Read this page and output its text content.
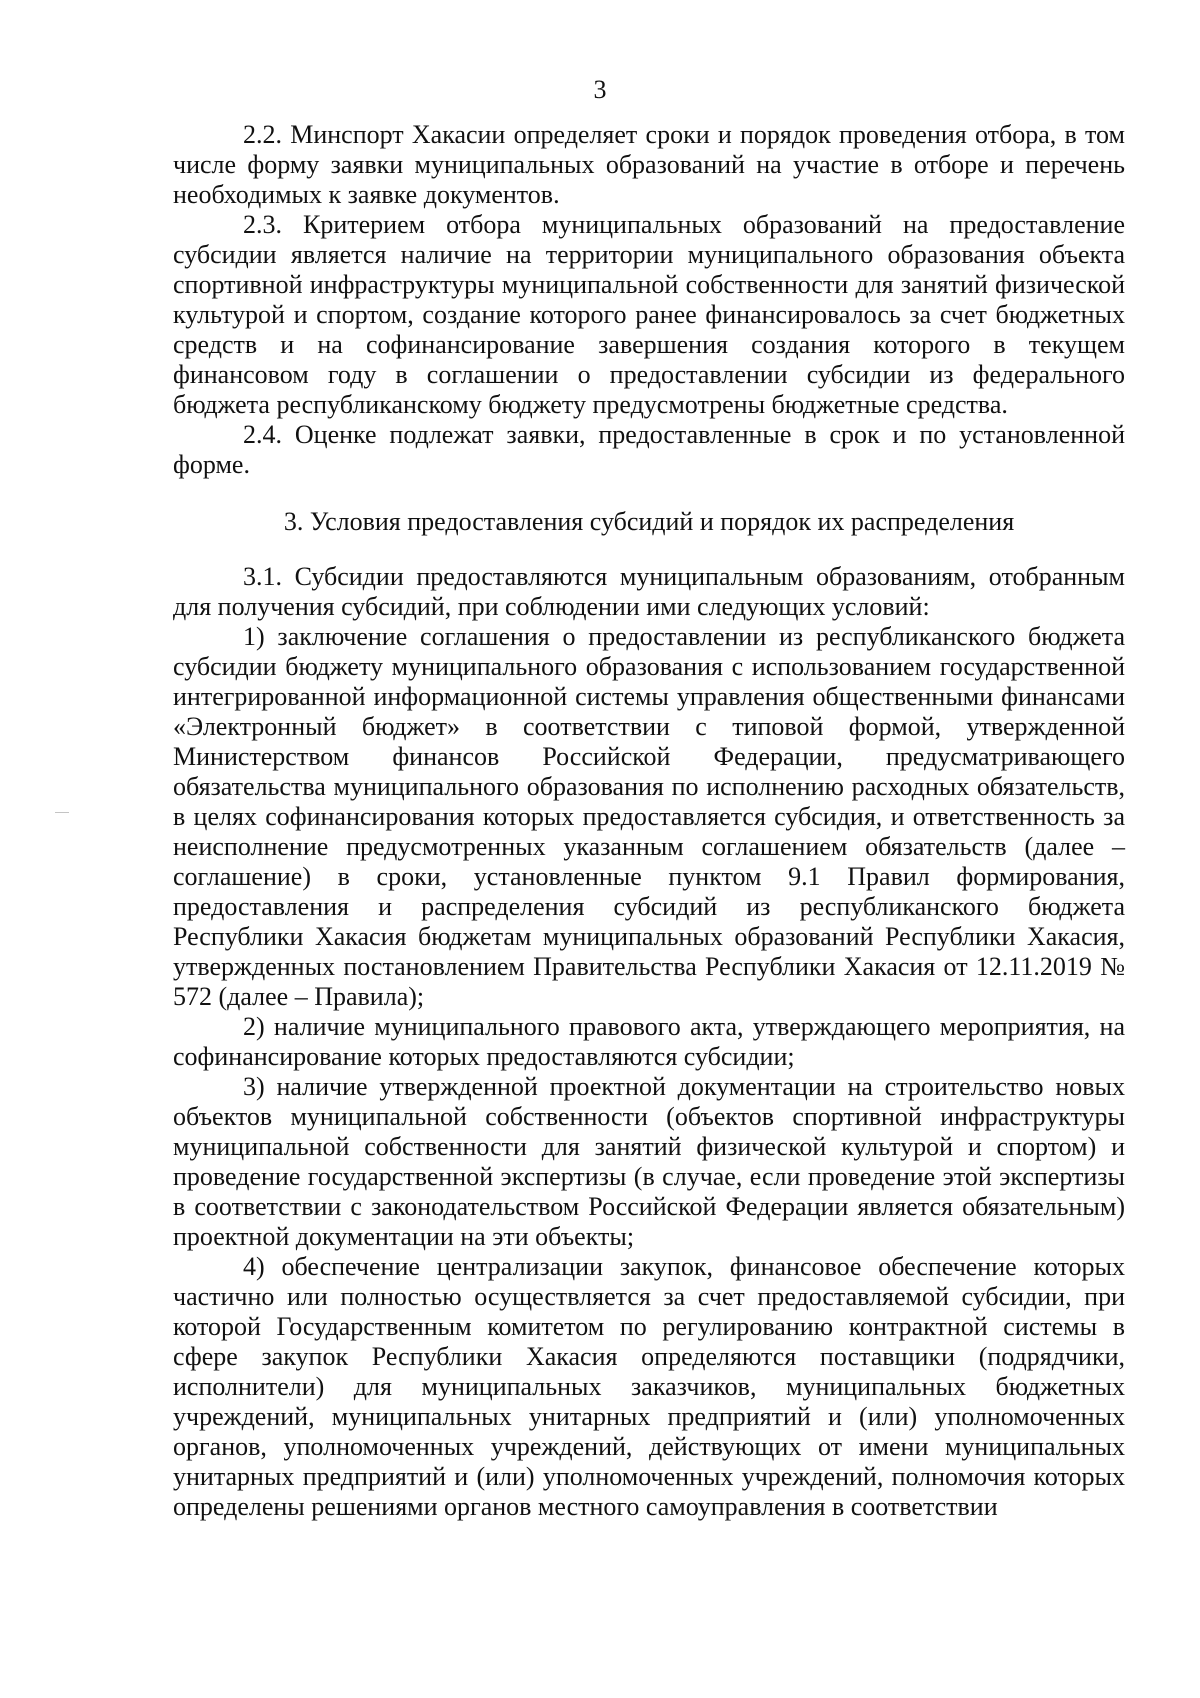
3

2.2. Минспорт Хакасии определяет сроки и порядок проведения отбора, в том числе форму заявки муниципальных образований на участие в отборе и перечень необходимых к заявке документов.

2.3. Критерием отбора муниципальных образований на предоставление субсидии является наличие на территории муниципального образования объекта спортивной инфраструктуры муниципальной собственности для занятий физической культурой и спортом, создание которого ранее финансировалось за счет бюджетных средств и на софинансирование завершения создания которого в текущем финансовом году в соглашении о предоставлении субсидии из федерального бюджета республиканскому бюджету предусмотрены бюджетные средства.

2.4. Оценке подлежат заявки, предоставленные в срок и по установленной форме.

3. Условия предоставления субсидий и порядок их распределения

3.1. Субсидии предоставляются муниципальным образованиям, отобранным для получения субсидий, при соблюдении ими следующих условий:

1) заключение соглашения о предоставлении из республиканского бюджета субсидии бюджету муниципального образования с использованием государственной интегрированной информационной системы управления общественными финансами «Электронный бюджет» в соответствии с типовой формой, утвержденной Министерством финансов Российской Федерации, предусматривающего обязательства муниципального образования по исполнению расходных обязательств, в целях софинансирования которых предоставляется субсидия, и ответственность за неисполнение предусмотренных указанным соглашением обязательств (далее – соглашение) в сроки, установленные пунктом 9.1 Правил формирования, предоставления и распределения субсидий из республиканского бюджета Республики Хакасия бюджетам муниципальных образований Республики Хакасия, утвержденных постановлением Правительства Республики Хакасия от 12.11.2019 № 572 (далее – Правила);

2) наличие муниципального правового акта, утверждающего мероприятия, на софинансирование которых предоставляются субсидии;

3) наличие утвержденной проектной документации на строительство новых объектов муниципальной собственности (объектов спортивной инфраструктуры муниципальной собственности для занятий физической культурой и спортом) и проведение государственной экспертизы (в случае, если проведение этой экспертизы в соответствии с законодательством Российской Федерации является обязательным) проектной документации на эти объекты;

4) обеспечение централизации закупок, финансовое обеспечение которых частично или полностью осуществляется за счет предоставляемой субсидии, при которой Государственным комитетом по регулированию контрактной системы в сфере закупок Республики Хакасия определяются поставщики (подрядчики, исполнители) для муниципальных заказчиков, муниципальных бюджетных учреждений, муниципальных унитарных предприятий и (или) уполномоченных органов, уполномоченных учреждений, действующих от имени муниципальных унитарных предприятий и (или) уполномоченных учреждений, полномочия которых определены решениями органов местного самоуправления в соответствии
